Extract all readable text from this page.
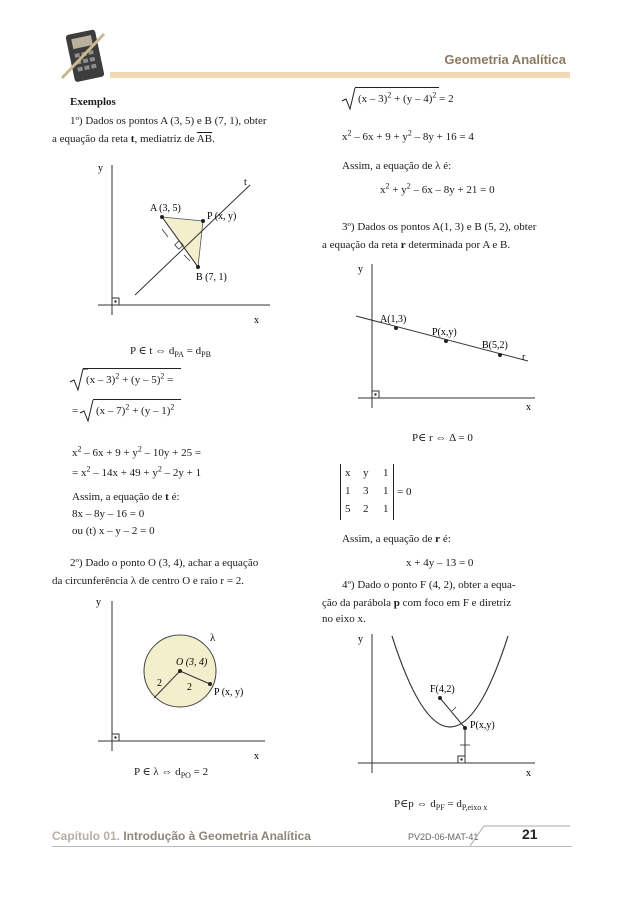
Geometria Analítica
Exemplos
1º) Dados os pontos A (3, 5) e B (7, 1), obter
a equação da reta t, mediatriz de $\overline{AB}$.
y
x
t
A (3, 5)
P (x, y)
B (7, 1)
P ∈ t ⇔ $d_{PA} = d_{PB}$
(x – 3)$^2$ + (y – 5)$^2$ =
= (x – 7)$^2$ + (y – 1)$^2$
$x^2 - 6x + 9 + y^2 - 10y + 25$ =
= $x^2 - 14x + 49 + y^2 - 2y + 1$
Assim, a equação de t é:
8x – 8y – 16 = 0
ou (t) x – y – 2 = 0
2º) Dado o ponto O (3, 4), achar a equação
da circunferência λ de centro O e raio r = 2.
y
x
λ
O (3, 4)
2	2 P (x, y)
P ∈ λ ⇔ $d_{PO} = 2$
(x – 3)$^2$ + (y – 4)$^2$ = 2
$x^2 - 6x + 9 + y^2 - 8y + 16 = 4$
Assim, a equação de λ é:
$x^2 + y^2 - 6x - 8y + 21 = 0$
3º) Dados os pontos A(1, 3) e B (5, 2), obter
a equação da reta r determinada por A e B.
y
x
A(1,3)
P(x,y)
B(5,2)
r
P∈ r ⇔ Δ = 0
x	y	1
1	3	1
5	2	1
= 0
Assim, a equação de r é:
x + 4y – 13 = 0
4º) Dado o ponto F (4, 2), obter a equa-
ção da parábola p com foco em F e diretriz
no eixo x.
y
x
F(4,2)
P(x,y)
P∈p ⇔ $d_{PF} = d_{P,eixo x}$
Capítulo 01. Introdução à Geometria Analítica	PV2D-06-MAT-41	21
